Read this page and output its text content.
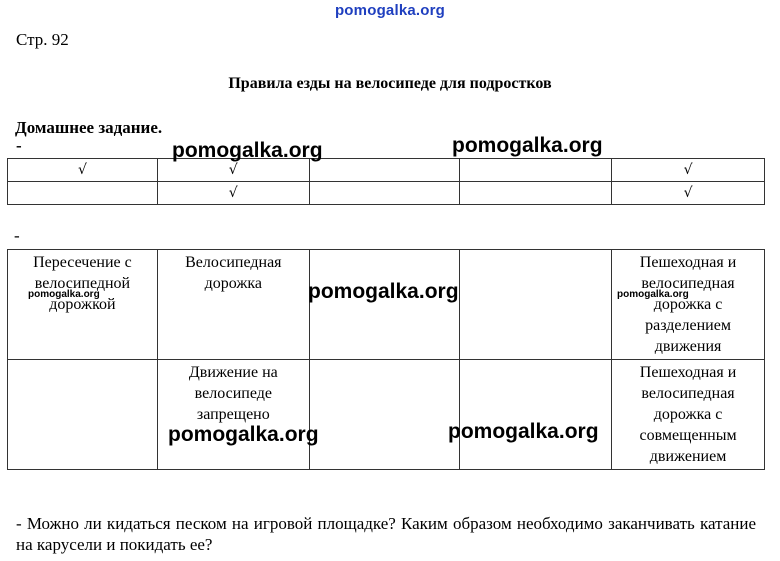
pomogalka.org
Стр. 92
Правила езды на велосипеде для подростков
Домашнее задание.
-
√	√			√
	√			√
-
Пересечение с велосипедной дорожкой	Велосипедная дорожка			Пешеходная и велосипедная дорожка с разделением движения
	Движение на велосипеде запрещено			Пешеходная и велосипедная дорожка с совмещенным движением
pomogalka.org	pomogalka.org
pomogalka.org	pomogalka.org	pomogalka.org
pomogalka.org	pomogalka.org
- Можно ли кидаться песком на игровой площадке? Каким образом необходимо заканчивать катание на карусели и покидать ее?
